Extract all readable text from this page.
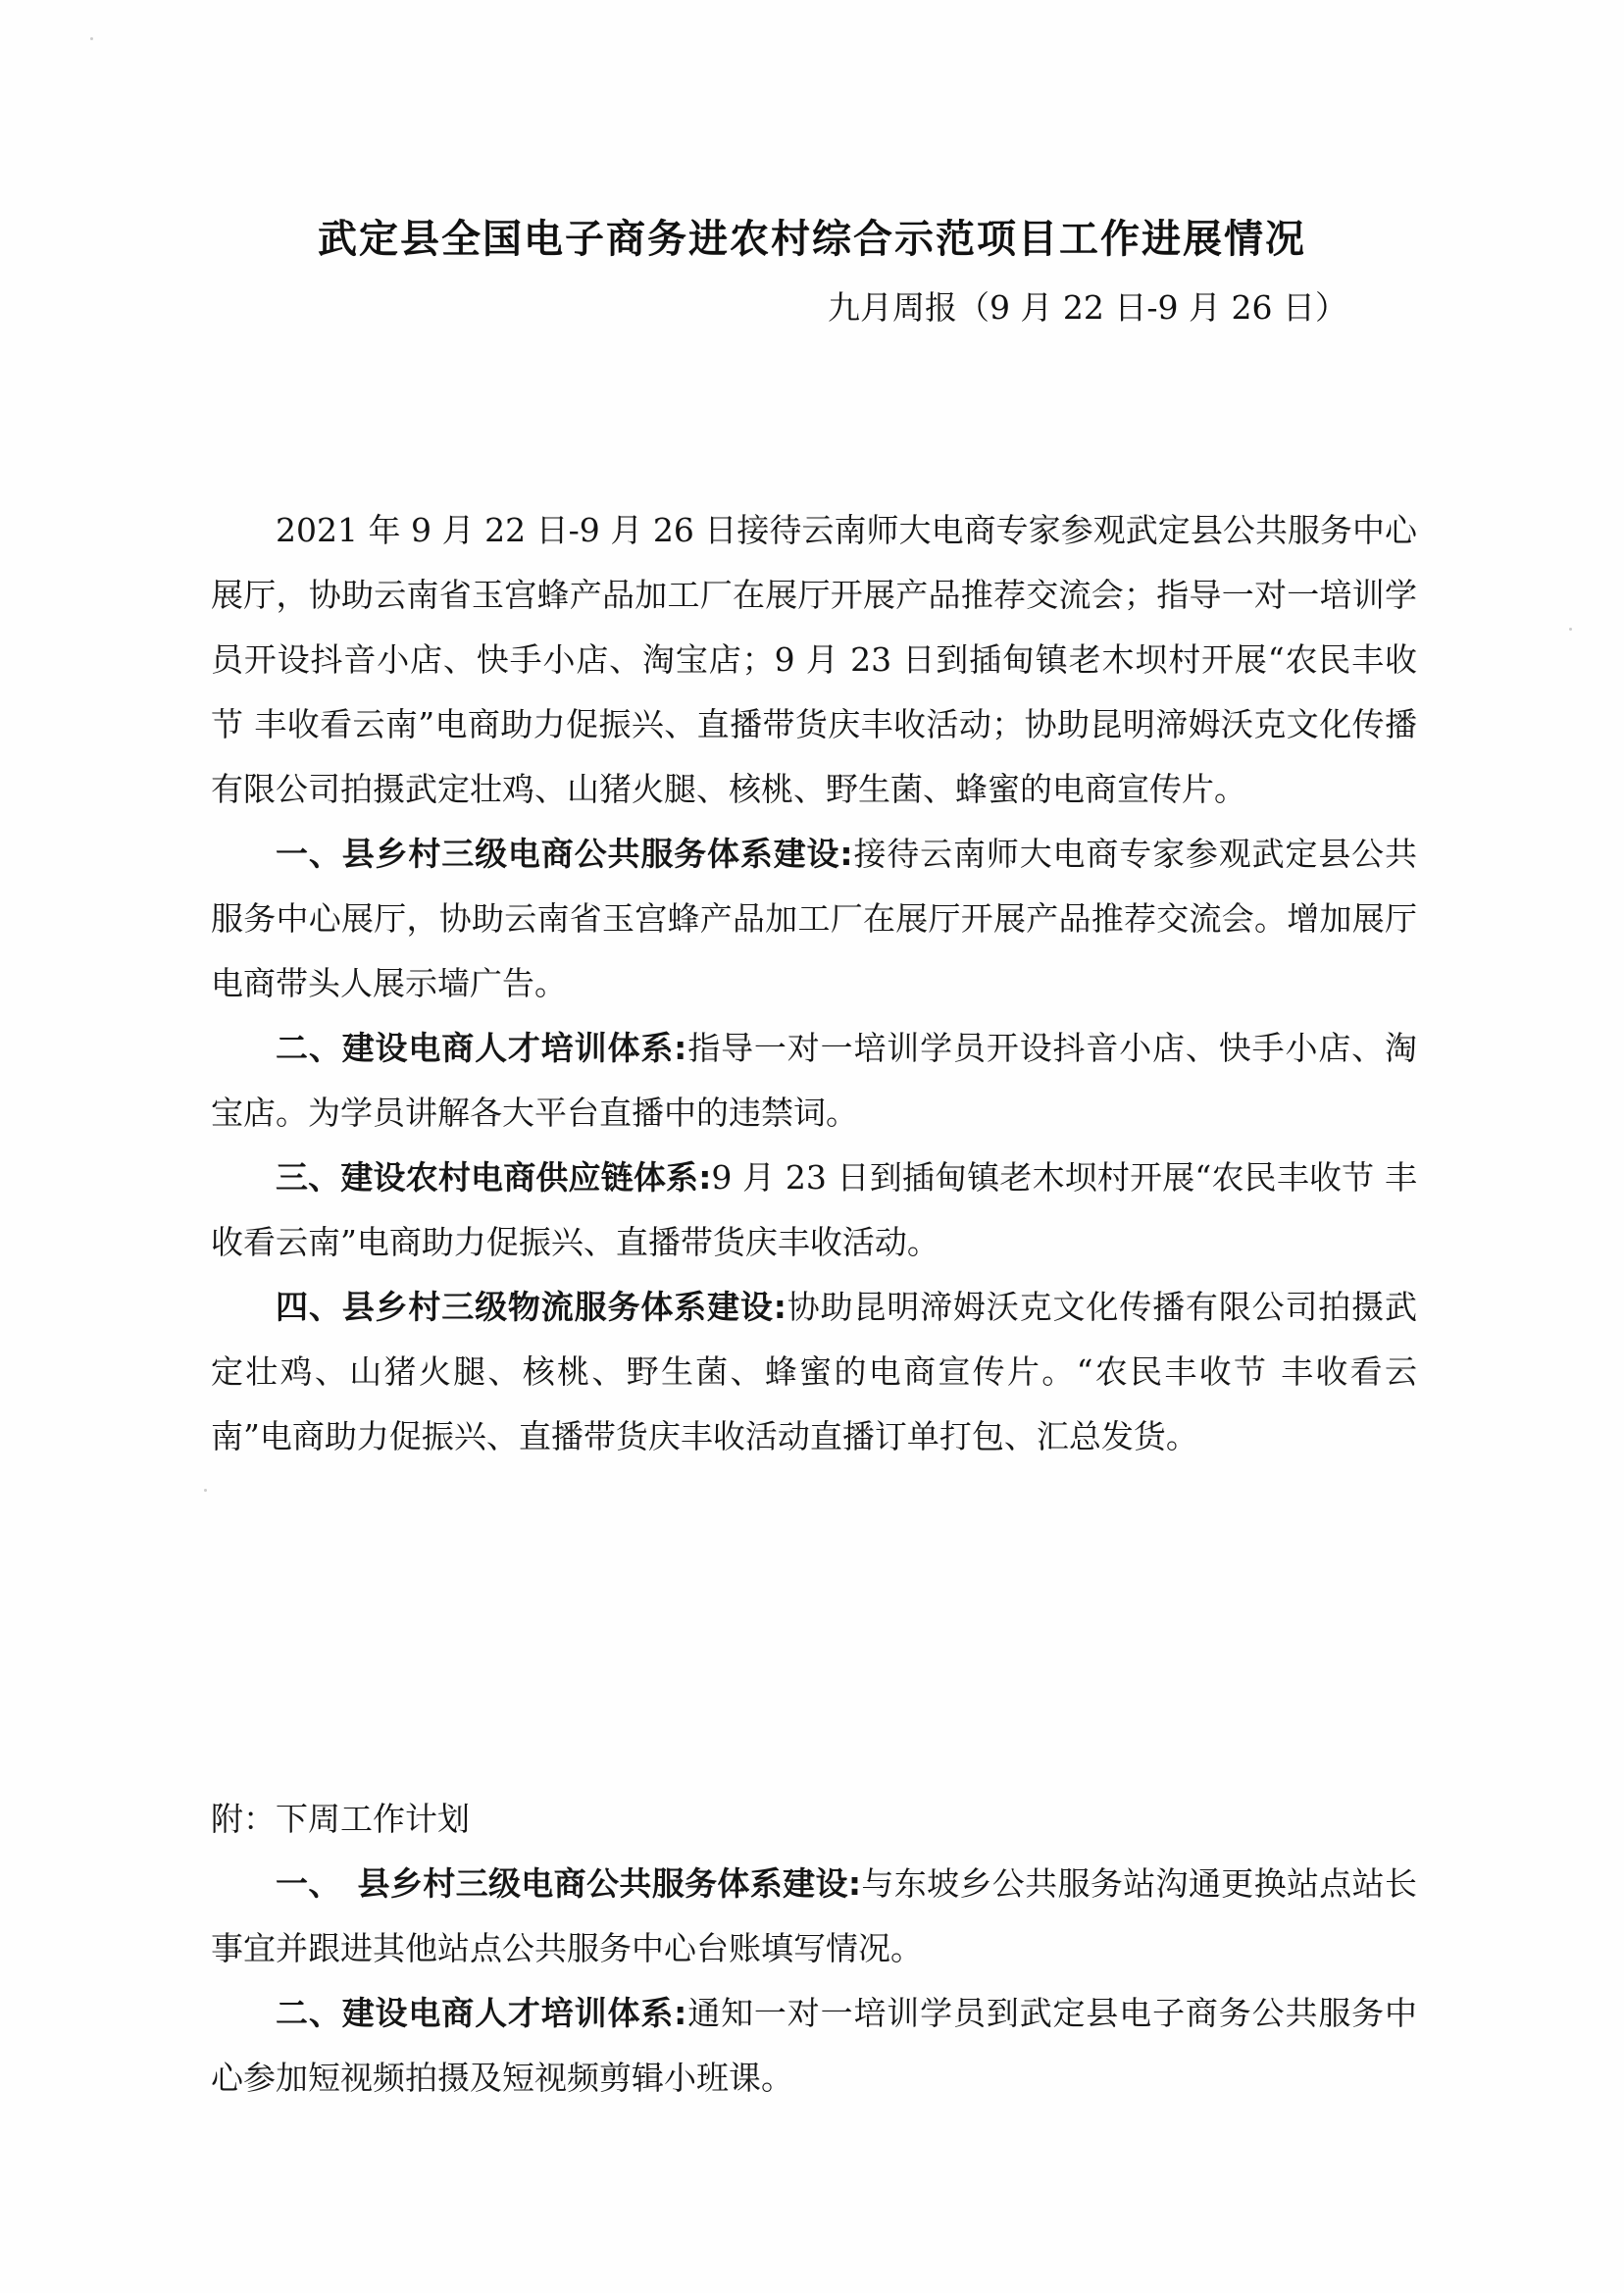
武定县全国电子商务进农村综合示范项目工作进展情况
九月周报（9 月 22 日-9 月 26 日）

2021 年 9 月 22 日-9 月 26 日接待云南师大电商专家参观武定县公共服务中心展厅，协助云南省玉宫蜂产品加工厂在展厅开展产品推荐交流会；指导一对一培训学员开设抖音小店、快手小店、淘宝店；9 月 23 日到插甸镇老木坝村开展“农民丰收节 丰收看云南”电商助力促振兴、直播带货庆丰收活动；协助昆明渧姆沃克文化传播有限公司拍摄武定壮鸡、山猪火腿、核桃、野生菌、蜂蜜的电商宣传片。

一、县乡村三级电商公共服务体系建设:接待云南师大电商专家参观武定县公共服务中心展厅，协助云南省玉宫蜂产品加工厂在展厅开展产品推荐交流会。增加展厅电商带头人展示墙广告。

二、建设电商人才培训体系:指导一对一培训学员开设抖音小店、快手小店、淘宝店。为学员讲解各大平台直播中的违禁词。

三、建设农村电商供应链体系:9 月 23 日到插甸镇老木坝村开展“农民丰收节 丰收看云南”电商助力促振兴、直播带货庆丰收活动。

四、县乡村三级物流服务体系建设:协助昆明渧姆沃克文化传播有限公司拍摄武定壮鸡、山猪火腿、核桃、野生菌、蜂蜜的电商宣传片。“农民丰收节 丰收看云南”电商助力促振兴、直播带货庆丰收活动直播订单打包、汇总发货。

附：下周工作计划

一、　县乡村三级电商公共服务体系建设:与东坡乡公共服务站沟通更换站点站长事宜并跟进其他站点公共服务中心台账填写情况。

二、建设电商人才培训体系:通知一对一培训学员到武定县电子商务公共服务中心参加短视频拍摄及短视频剪辑小班课。
